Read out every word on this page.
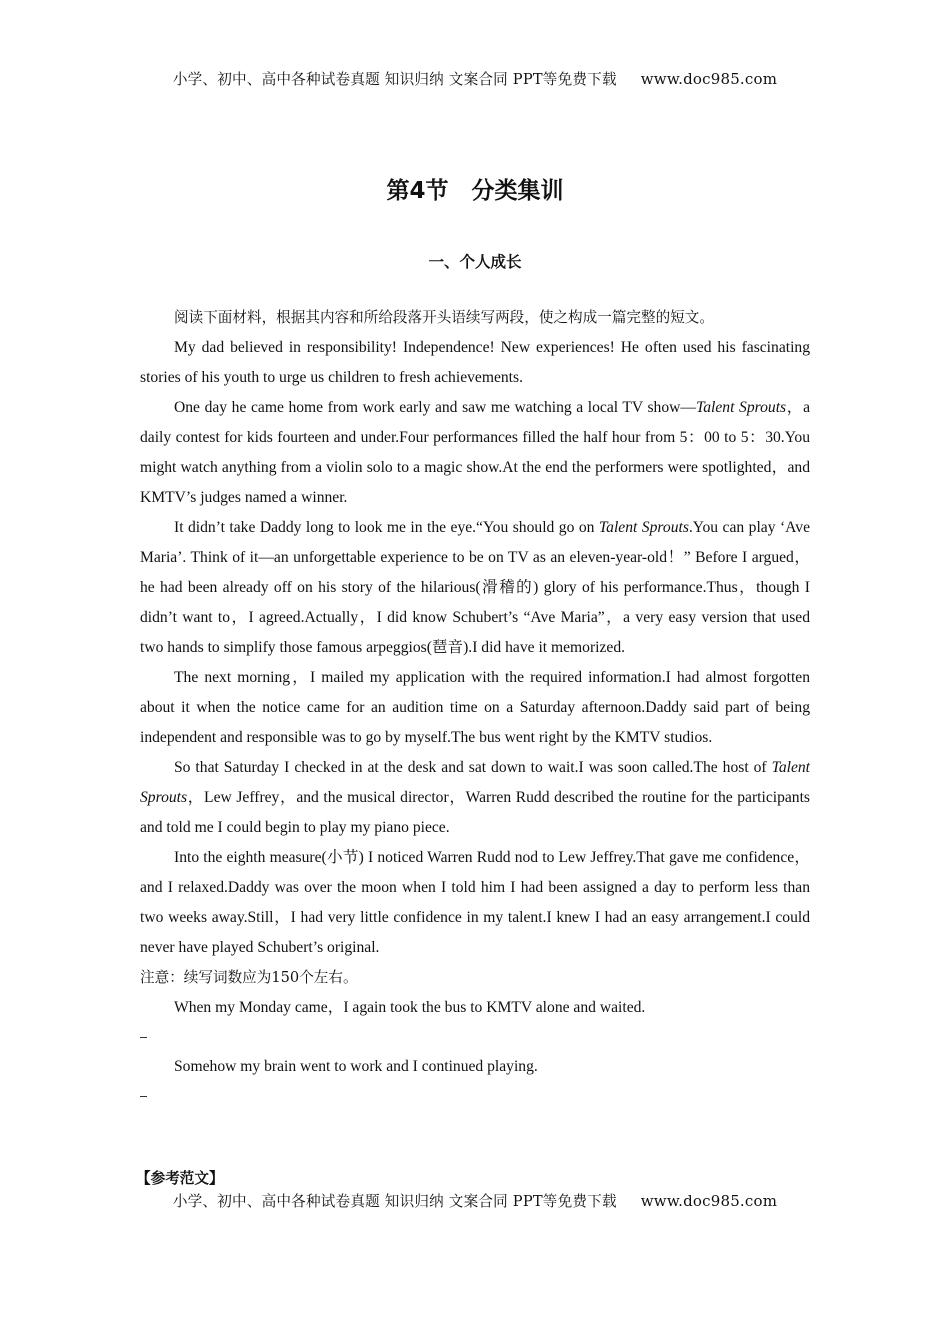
小学、初中、高中各种试卷真题 知识归纳 文案合同 PPT等免费下载 www.doc985.com
第4节　分类集训
一、个人成长

阅读下面材料，根据其内容和所给段落开头语续写两段，使之构成一篇完整的短文。

My dad believed in responsibility! Independence! New experiences! He often used his fascinating stories of his youth to urge us children to fresh achievements.

One day he came home from work early and saw me watching a local TV show—Talent Sprouts，a daily contest for kids fourteen and under.Four performances filled the half hour from 5：00 to 5：30.You might watch anything from a violin solo to a magic show.At the end the performers were spotlighted，and KMTV’s judges named a winner.

It didn’t take Daddy long to look me in the eye.“You should go on Talent Sprouts.You can play ‘Ave Maria’. Think of it—an unforgettable experience to be on TV as an eleven-year-old！” Before I argued，he had been already off on his story of the hilarious(滑稽的) glory of his performance.Thus，though I didn’t want to，I agreed.Actually，I did know Schubert’s “Ave Maria”，a very easy version that used two hands to simplify those famous arpeggios(琶音).I did have it memorized.

The next morning，I mailed my application with the required information.I had almost forgotten about it when the notice came for an audition time on a Saturday afternoon.Daddy said part of being independent and responsible was to go by myself.The bus went right by the KMTV studios.

So that Saturday I checked in at the desk and sat down to wait.I was soon called.The host of Talent Sprouts，Lew Jeffrey，and the musical director，Warren Rudd described the routine for the participants and told me I could begin to play my piano piece.

Into the eighth measure(小节) I noticed Warren Rudd nod to Lew Jeffrey.That gave me confidence，and I relaxed.Daddy was over the moon when I told him I had been assigned a day to perform less than two weeks away.Still，I had very little confidence in my talent.I knew I had an easy arrangement.I could never have played Schubert’s original.

注意：续写词数应为150个左右。

When my Monday came，I again took the bus to KMTV alone and waited.

Somehow my brain went to work and I continued playing.

【参考范文】
小学、初中、高中各种试卷真题 知识归纳 文案合同 PPT等免费下载 www.doc985.com
